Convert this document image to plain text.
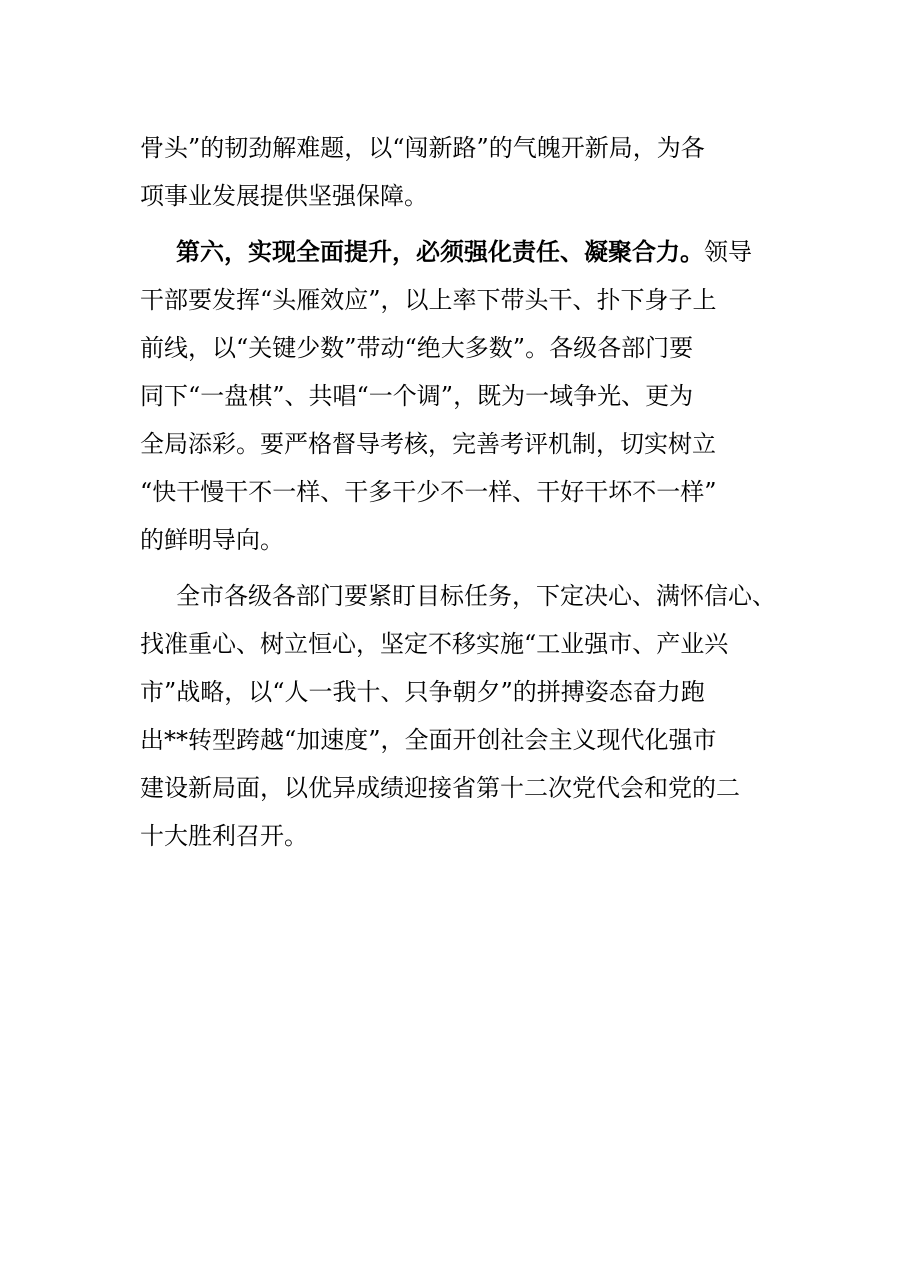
骨头”的韧劲解难题，以“闯新路”的气魄开新局，为各
项事业发展提供坚强保障。
第六，实现全面提升，必须强化责任、凝聚合力。领导
干部要发挥“头雁效应”，以上率下带头干、扑下身子上
前线，以“关键少数”带动“绝大多数”。各级各部门要
同下“一盘棋”、共唱“一个调”，既为一域争光、更为
全局添彩。要严格督导考核，完善考评机制，切实树立
“快干慢干不一样、干多干少不一样、干好干坏不一样”
的鲜明导向。
全市各级各部门要紧盯目标任务，下定决心、满怀信心、
找准重心、树立恒心，坚定不移实施“工业强市、产业兴
市”战略，以“人一我十、只争朝夕”的拼搏姿态奋力跑
出**转型跨越“加速度”，全面开创社会主义现代化强市
建设新局面，以优异成绩迎接省第十二次党代会和党的二
十大胜利召开。
